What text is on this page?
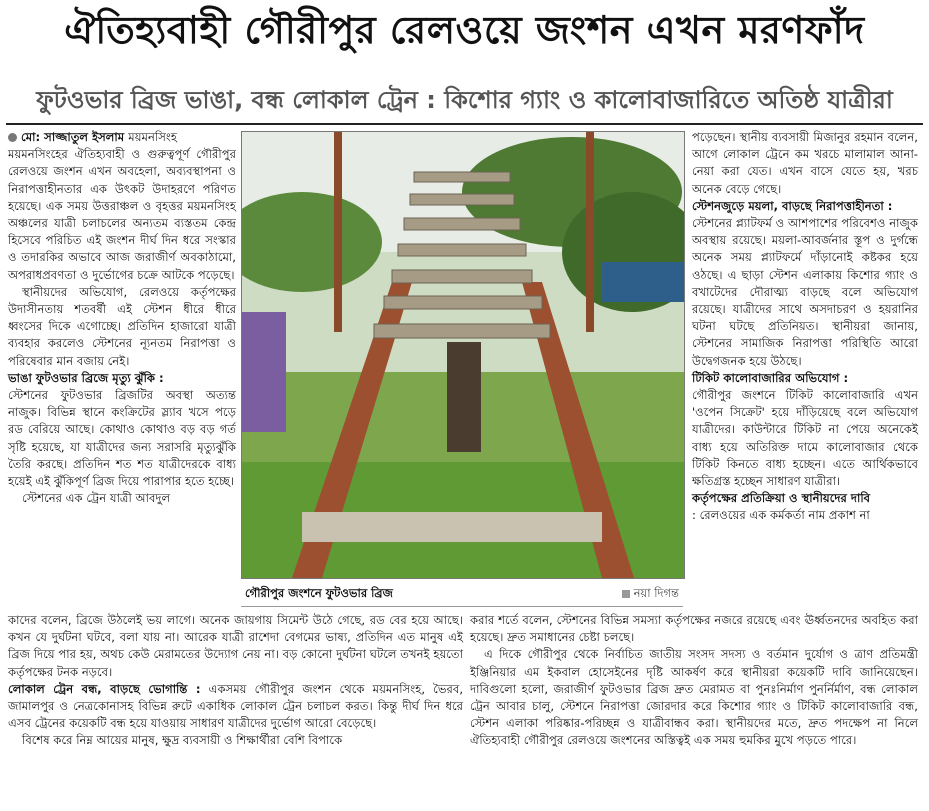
ঐতিহ্যবাহী গৌরীপুর রেলওয়ে জংশন এখন মরণফাঁদ
ফুটওভার ব্রিজ ভাঙা, বন্ধ লোকাল ট্রেন : কিশোর গ্যাং ও কালোবাজারিতে অতিষ্ঠ যাত্রীরা
মো: সাজ্জাতুল ইসলাম ময়মনসিংহ

ময়মনসিংহের ঐতিহ্যবাহী ও গুরুত্বপূর্ণ গৌরীপুর রেলওয়ে জংশন এখন অবহেলা, অব্যবস্থাপনা ও নিরাপত্তাহীনতার এক উৎকট উদাহরণে পরিণত হয়েছে। এক সময় উত্তরাঞ্চল ও বৃহত্তর ময়মনসিংহ অঞ্চলের যাত্রী চলাচলের অন্যতম ব্যস্ততম কেন্দ্র হিসেবে পরিচিত এই জংশন দীর্ঘ দিন ধরে সংস্কার ও তদারকির অভাবে আজ জরাজীর্ণ অবকাঠামো, অপরাধপ্রবণতা ও দুর্ভোগের চক্রে আটকে পড়েছে।

স্থানীয়দের অভিযোগ, রেলওয়ে কর্তৃপক্ষের উদাসীনতায় শতবর্ষী এই স্টেশন ধীরে ধীরে ধ্বংসের দিকে এগোচ্ছে। প্রতিদিন হাজারো যাত্রী ব্যবহার করলেও স্টেশনের ন্যূনতম নিরাপত্তা ও পরিষেবার মান বজায় নেই।

ভাঙা ফুটওভার ব্রিজে মৃত্যু ঝুঁকি :

স্টেশনের ফুটওভার ব্রিজটির অবস্থা অত্যন্ত নাজুক। বিভিন্ন স্থানে কংক্রিটের স্ল্যাব খসে পড়ে রড বেরিয়ে আছে। কোথাও কোথাও বড় বড় গর্ত সৃষ্টি হয়েছে, যা যাত্রীদের জন্য সরাসরি মৃত্যুঝুঁকি তৈরি করছে। প্রতিদিন শত শত যাত্রীদেরকে বাধ্য হয়েই এই ঝুঁকিপূর্ণ ব্রিজ দিয়ে পারাপার হতে হচ্ছে।

স্টেশনের এক ট্রেন যাত্রী আবদুল

গৌরীপুর জংশনে ফুটওভার ব্রিজ	নয়া দিগন্ত

পড়েছেন। স্থানীয় ব্যবসায়ী মিজানুর রহমান বলেন, আগে লোকাল ট্রেনে কম খরচে মালামাল আনা-নেয়া করা যেত। এখন বাসে যেতে হয়, খরচ অনেক বেড়ে গেছে।

স্টেশনজুড়ে ময়লা, বাড়ছে নিরাপত্তাহীনতা :

স্টেশনের প্ল্যাটফর্ম ও আশপাশের পরিবেশও নাজুক অবস্থায় রয়েছে। ময়লা-আবর্জনার স্তূপ ও দুর্গন্ধে অনেক সময় প্ল্যাটফর্মে দাঁড়ানোই কষ্টকর হয়ে ওঠছে। এ ছাড়া স্টেশন এলাকায় কিশোর গ্যাং ও বখাটেদের দৌরাত্ম্য বাড়ছে বলে অভিযোগ রয়েছে। যাত্রীদের সাথে অসদাচরণ ও হয়রানির ঘটনা ঘটছে প্রতিনিয়ত। স্থানীয়রা জানায়, স্টেশনের সামাজিক নিরাপত্তা পরিস্থিতি আরো উদ্বেগজনক হয়ে উঠছে।

টিকিট কালোবাজারির অভিযোগ :

গৌরীপুর জংশনে টিকিট কালোবাজারি এখন 'ওপেন সিক্রেট' হয়ে দাঁড়িয়েছে বলে অভিযোগ যাত্রীদের। কাউন্টারে টিকিট না পেয়ে অনেকেই বাধ্য হয়ে অতিরিক্ত দামে কালোবাজার থেকে টিকিট কিনতে বাধ্য হচ্ছেন। এতে আর্থিকভাবে ক্ষতিগ্রস্ত হচ্ছেন সাধারণ যাত্রীরা।

কর্তৃপক্ষের প্রতিক্রিয়া ও স্থানীয়দের দাবি

: রেলওয়ের এক কর্মকর্তা নাম প্রকাশ না

কাদের বলেন, ব্রিজে উঠলেই ভয় লাগে। অনেক জায়গায় সিমেন্ট উঠে গেছে, রড বের হয়ে আছে। কখন যে দুর্ঘটনা ঘটবে, বলা যায় না। আরেক যাত্রী রাশেদা বেগমের ভাষ্য, প্রতিদিন এত মানুষ এই ব্রিজ দিয়ে পার হয়, অথচ কেউ মেরামতের উদ্যোগ নেয় না। বড় কোনো দুর্ঘটনা ঘটলে তখনই হয়তো কর্তৃপক্ষের টনক নড়বে।

লোকাল ট্রেন বন্ধ, বাড়ছে ভোগান্তি : একসময় গৌরীপুর জংশন থেকে ময়মনসিংহ, ভৈরব, জামালপুর ও নেত্রকোনাসহ বিভিন্ন রুটে একাধিক লোকাল ট্রেন চলাচল করত। কিন্তু দীর্ঘ দিন ধরে এসব ট্রেনের কয়েকটি বন্ধ হয়ে যাওয়ায় সাধারণ যাত্রীদের দুর্ভোগ আরো বেড়েছে।

বিশেষ করে নিম্ন আয়ের মানুষ, ক্ষুদ্র ব্যবসায়ী ও শিক্ষার্থীরা বেশি বিপাকে

করার শর্তে বলেন, স্টেশনের বিভিন্ন সমস্যা কর্তৃপক্ষের নজরে রয়েছে এবং ঊর্ধ্বতনদের অবহিত করা হয়েছে। দ্রুত সমাধানের চেষ্টা চলছে।

এ দিকে গৌরীপুর থেকে নির্বাচিত জাতীয় সংসদ সদস্য ও বর্তমান দুর্যোগ ও ত্রাণ প্রতিমন্ত্রী ইঞ্জিনিয়ার এম ইকবাল হোসেইনের দৃষ্টি আকর্ষণ করে স্থানীয়রা কয়েকটি দাবি জানিয়েছেন। দাবিগুলো হলো, জরাজীর্ণ ফুটওভার ব্রিজ দ্রুত মেরামত বা পুনঃনির্মাণ পুনর্নির্মাণ, বন্ধ লোকাল ট্রেন আবার চালু, স্টেশনে নিরাপত্তা জোরদার করে কিশোর গ্যাং ও টিকিট কালোবাজারি বন্ধ, স্টেশন এলাকা পরিষ্কার-পরিচ্ছন্ন ও যাত্রীবান্ধব করা। স্থানীয়দের মতে, দ্রুত পদক্ষেপ না নিলে ঐতিহ্যবাহী গৌরীপুর রেলওয়ে জংশনের অস্তিত্বই এক সময় হুমকির মুখে পড়তে পারে।
